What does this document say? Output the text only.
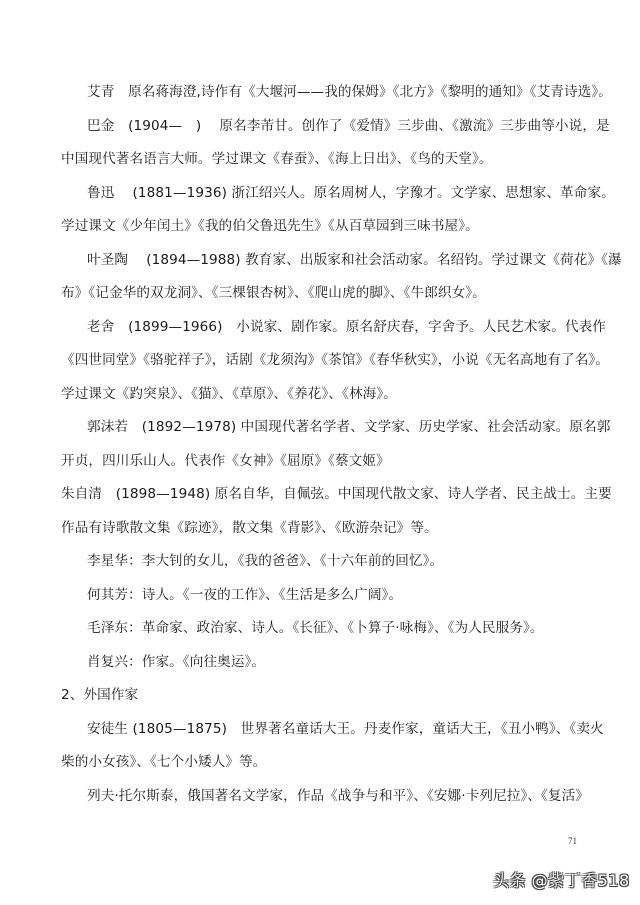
艾青　原名蒋海澄,诗作有《大堰河——我的保姆》《北方》《黎明的通知》《艾青诗选》。
巴金　(1904—　)　 原名李芾甘。创作了《爱情》三步曲、《激流》三步曲等小说，是
中国现代著名语言大师。学过课文《春蚕》、《海上日出》、《鸟的天堂》。
鲁迅　 (1881—1936) 浙江绍兴人。原名周树人，字豫才。文学家、思想家、革命家。
学过课文《少年闰土》《我的伯父鲁迅先生》《从百草园到三味书屋》。
叶圣陶　 (1894—1988) 教育家、出版家和社会活动家。名绍钧。学过课文《荷花》《瀑
布》《记金华的双龙洞》、《三棵银杏树》、《爬山虎的脚》、《牛郎织女》。
老舍　(1899—1966)　小说家、剧作家。原名舒庆春，字舍予。人民艺术家。代表作
《四世同堂》《骆驼祥子》，话剧《龙须沟》《茶馆》《春华秋实》，小说《无名高地有了名》。
学过课文《趵突泉》、《猫》、《草原》、《养花》、《林海》。
郭沫若　(1892—1978) 中国现代著名学者、文学家、历史学家、社会活动家。原名郭
开贞，四川乐山人。代表作《女神》《屈原》《蔡文姬》
朱自清　(1898—1948) 原名自华，自佩弦。中国现代散文家、诗人学者、民主战士。主要
作品有诗歌散文集《踪迹》，散文集《背影》、《欧游杂记》等。
李星华：李大钊的女儿，《我的爸爸》、《十六年前的回忆》。
何其芳：诗人。《一夜的工作》、《生活是多么广阔》。
毛泽东：革命家、政治家、诗人。《长征》、《卜算子·咏梅》、《为人民服务》。
肖复兴：作家。《向往奥运》。
2、外国作家
安徒生 (1805—1875)　世界著名童话大王。丹麦作家，童话大王，《丑小鸭》、《卖火
柴的小女孩》、《七个小矮人》等。
列夫·托尔斯泰，俄国著名文学家，作品《战争与和平》、《安娜·卡列尼拉》、《复活》
71
头条 @紫丁香518
